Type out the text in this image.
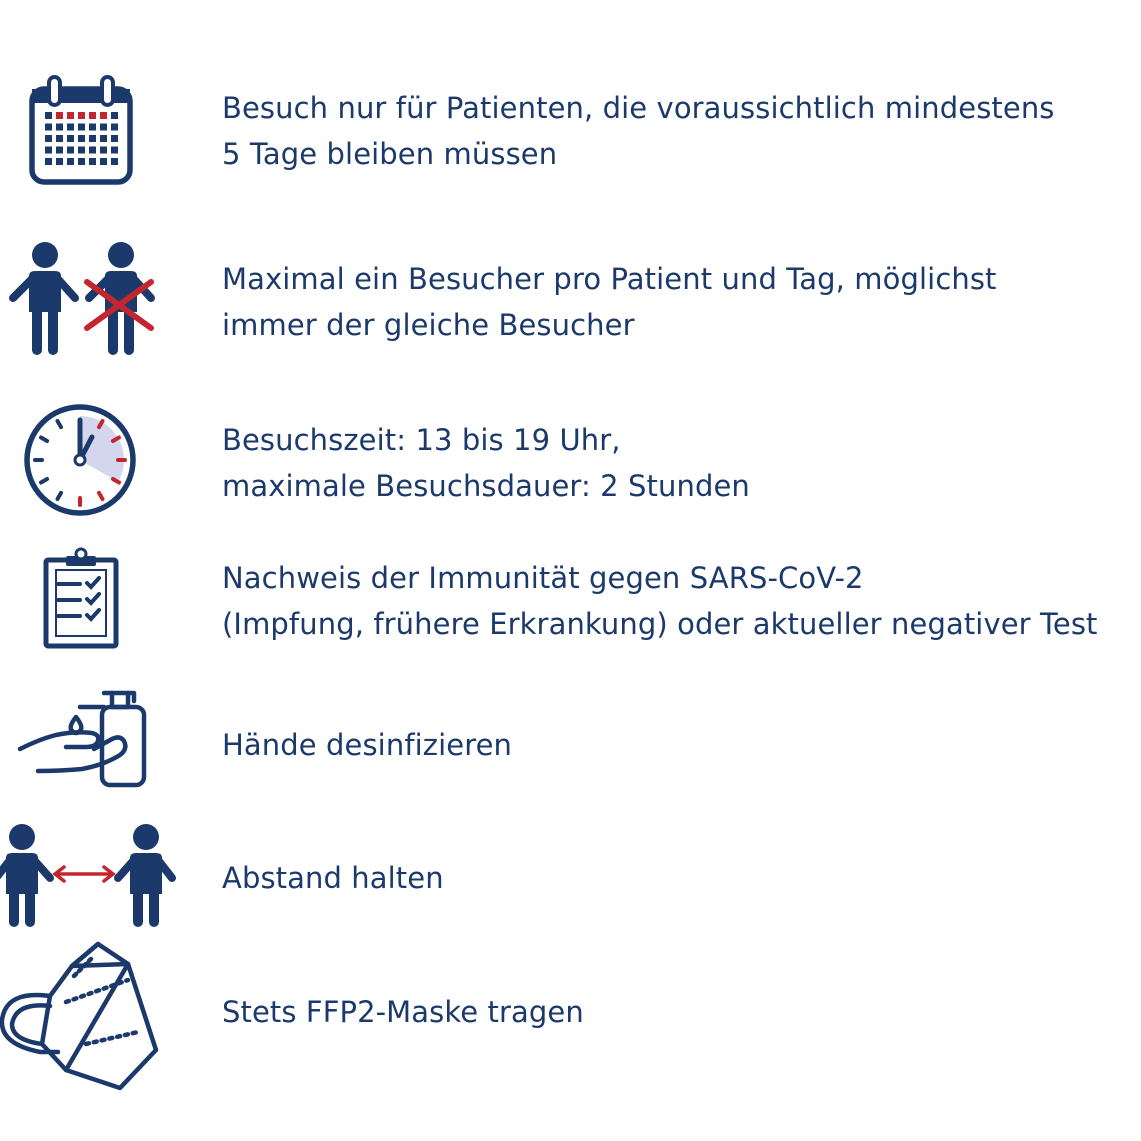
Besuch nur für Patienten, die voraussichtlich mindestens
5 Tage bleiben müssen
Maximal ein Besucher pro Patient und Tag, möglichst
immer der gleiche Besucher
Besuchszeit: 13 bis 19 Uhr,
maximale Besuchsdauer: 2 Stunden
Nachweis der Immunität gegen SARS-CoV-2
(Impfung, frühere Erkrankung) oder aktueller negativer Test
Hände desinfizieren
Abstand halten
Stets FFP2-Maske tragen
